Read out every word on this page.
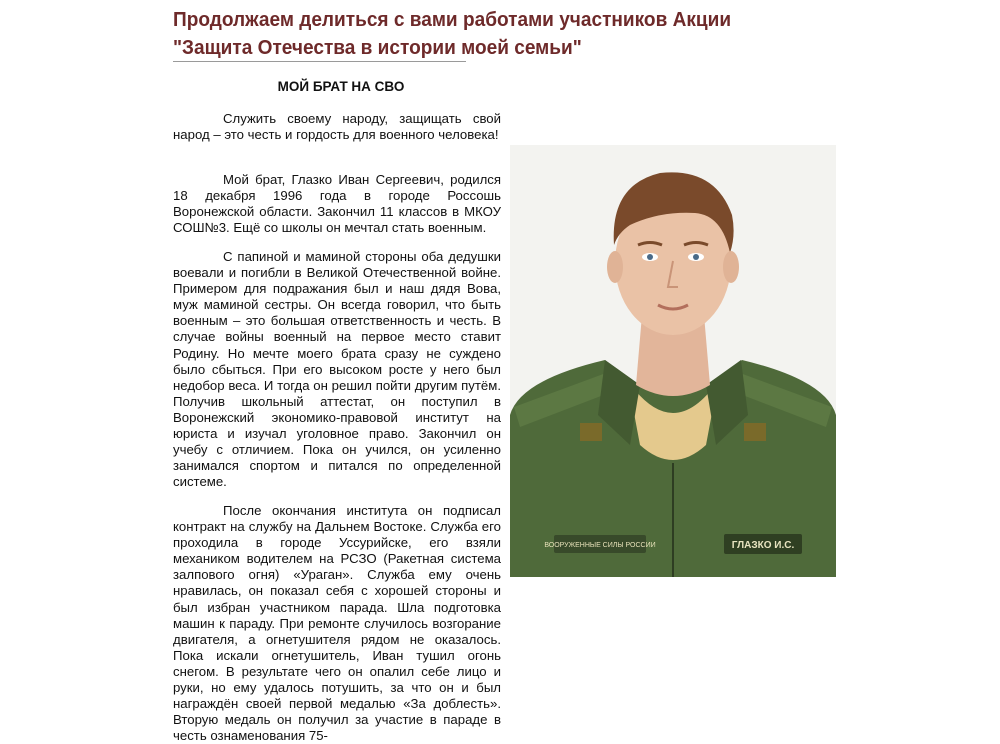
Продолжаем делиться с вами работами участников Акции "Защита Отечества в истории моей семьи"
МОЙ БРАТ НА СВО

Служить своему народу, защищать свой народ – это честь и гордость для военного человека!

Мой брат, Глазко Иван Сергеевич, родился 18 декабря 1996 года в городе Россошь Воронежской области. Закончил 11 классов в МКОУ СОШ№3. Ещё со школы он мечтал стать военным.

С папиной и маминой стороны оба дедушки воевали и погибли в Великой Отечественной войне. Примером для подражания был и наш дядя Вова, муж маминой сестры. Он всегда говорил, что быть военным – это большая ответственность и честь. В случае войны военный на первое место ставит Родину. Но мечте моего брата сразу не суждено было сбыться. При его высоком росте у него был недобор веса. И тогда он решил пойти другим путём. Получив школьный аттестат, он поступил в Воронежский экономико-правовой институт на юриста и изучал уголовное право. Закончил он учебу с отличием. Пока он учился, он усиленно занимался спортом и питался по определенной системе.

После окончания института он подписал контракт на службу на Дальнем Востоке. Служба его проходила в городе Уссурийске, его взяли механиком водителем на РСЗО (Ракетная система залпового огня) «Ураган». Служба ему очень нравилась, он показал себя с хорошей стороны и был избран участником парада. Шла подготовка машин к параду. При ремонте случилось возгорание двигателя, а огнетушителя рядом не оказалось. Пока искали огнетушитель, Иван тушил огонь снегом. В результате чего он опалил себе лицо и руки, но ему удалось потушить, за что он и был награждён своей первой медалью «За доблесть». Вторую медаль он получил за участие в параде в честь ознаменования 75-

ВООРУЖЕННЫЕ СИЛЫ РОССИИ	ГЛАЗКО И.С.
